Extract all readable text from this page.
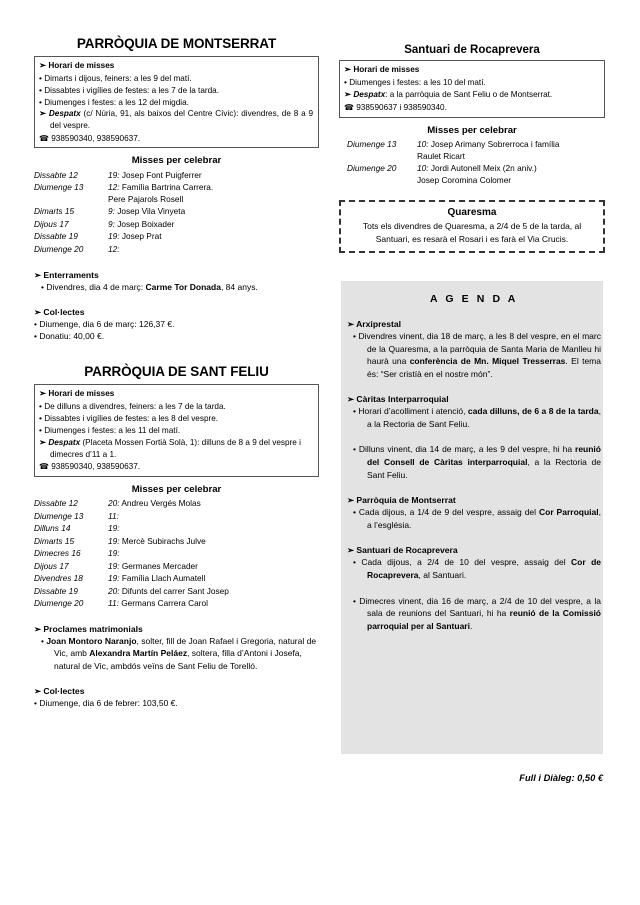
PARRÒQUIA DE MONTSERRAT

➢ Horari de misses

• Dimarts i dijous, feiners: a les 9 del matí.

• Dissabtes i vigílies de festes: a les 7 de la tarda.

• Diumenges i festes: a les 12 del migdia.

➢ Despatx (c/ Núria, 91, als baixos del Centre Cívic): divendres, de 8 a 9 del vespre.

☎ 938590340, 938590637.

Misses per celebrar
Dissabte 12	19: Josep Font Puigferrer
Diumenge 13	12: Família Bartrina Carrera.
Pere Pajarols Rosell
Dimarts 15	9: Josep Vila Vinyeta
Dijous 17	9: Josep Boixader
Dissabte 19	19: Josep Prat
Diumenge 20	12:

➢ Enterraments

• Divendres, dia 4 de març: Carme Tor Donada, 84 anys.

➢ Col·lectes

• Diumenge, dia 6 de març: 126,37 €.

• Donatiu: 40,00 €.

PARRÒQUIA DE SANT FELIU

➢ Horari de misses

• De dilluns a divendres, feiners: a les 7 de la tarda.

• Dissabtes i vigílies de festes: a les 8 del vespre.

• Diumenges i festes: a les 11 del matí.

➢ Despatx (Placeta Mossen Fortià Solà, 1): dilluns de 8 a 9 del vespre i dimecres d’11 a 1.

☎ 938590340, 938590637.

Misses per celebrar
Dissabte 12	20: Andreu Vergés Molas
Diumenge 13	11:
Dilluns 14	19:
Dimarts 15	19: Mercè Subirachs Julve
Dimecres 16	19:
Dijous 17	19: Germanes Mercader
Divendres 18	19: Família Llach Aumatell
Dissabte 19	20: Difunts del carrer Sant Josep
Diumenge 20	11: Germans Carrera Carol

➢ Proclames matrimonials

• Joan Montoro Naranjo, solter, fill de Joan Rafael i Gregoria, natural de Vic, amb Alexandra Martín Peláez, soltera, filla d’Antoni i Josefa, natural de Vic, ambdós veïns de Sant Feliu de Torelló.

➢ Col·lectes

• Diumenge, dia 6 de febrer: 103,50 €.

Santuari de Rocaprevera

➢ Horari de misses

• Diumenges i festes: a les 10 del matí.

➢ Despatx: a la parròquia de Sant Feliu o de Montserrat.

☎ 938590637 i 938590340.

Misses per celebrar
Diumenge 13	10: Josep Arimany Sobrerroca i família
Raulet Ricart
Diumenge 20	10: Jordi Autonell Meix (2n aniv.)
Josep Coromina Colomer
Quaresma

Tots els divendres de Quaresma, a 2/4 de 5 de la tarda, al Santuari, es resarà el Rosari i es farà el Via Crucis.

A G E N D A

➢ Arxiprestal

• Divendres vinent, dia 18 de març, a les 8 del vespre, en el marc de la Quaresma, a la parròquia de Santa Maria de Manlleu hi haurà una conferència de Mn. Miquel Tresserras. El tema és: “Ser cristíà en el nostre món”.

➢ Càritas Interparroquial

• Horari d’acolliment i atenció, cada dilluns, de 6 a 8 de la tarda, a la Rectoria de Sant Feliu.

• Dilluns vinent, dia 14 de març, a les 9 del vespre, hi ha reunió del Consell de Càritas interparroquial, a la Rectoria de Sant Feliu.

➢ Parròquia de Montserrat

• Cada dijous, a 1/4 de 9 del vespre, assaig del Cor Parroquial, a l’església.

➢ Santuari de Rocaprevera

• Cada dijous, a 2/4 de 10 del vespre, assaig del Cor de Rocaprevera, al Santuari.

• Dimecres vinent, dia 16 de març, a 2/4 de 10 del vespre, a la sala de reunions del Santuari, hi ha reunió de la Comissió parroquial per al Santuari.

Full i Diàleg: 0,50 €
